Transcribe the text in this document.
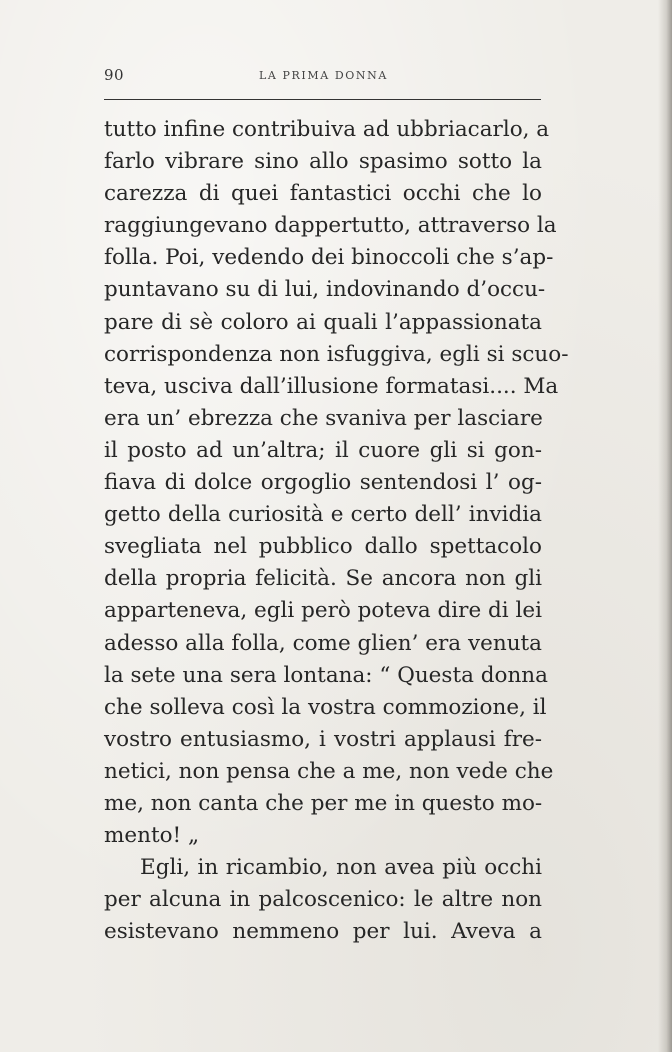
90	LA PRIMA DONNA
tutto infine contribuiva ad ubbriacarlo, a
farlo vibrare sino allo spasimo sotto la
carezza di quei fantastici occhi che lo
raggiungevano dappertutto, attraverso la
folla. Poi, vedendo dei binoccoli che s’ap-
puntavano su di lui, indovinando d’occu-
pare di sè coloro ai quali l’appassionata
corrispondenza non isfuggiva, egli si scuo-
teva, usciva dall’illusione formatasi.... Ma
era un’ ebrezza che svaniva per lasciare
il posto ad un’altra; il cuore gli si gon-
fiava di dolce orgoglio sentendosi l’ og-
getto della curiosità e certo dell’ invidia
svegliata nel pubblico dallo spettacolo
della propria felicità. Se ancora non gli
apparteneva, egli però poteva dire di lei
adesso alla folla, come glien’ era venuta
la sete una sera lontana: “ Questa donna
che solleva così la vostra commozione, il
vostro entusiasmo, i vostri applausi fre-
netici, non pensa che a me, non vede che
me, non canta che per me in questo mo-
mento! „
Egli, in ricambio, non avea più occhi
per alcuna in palcoscenico: le altre non
esistevano nemmeno per lui. Aveva a
